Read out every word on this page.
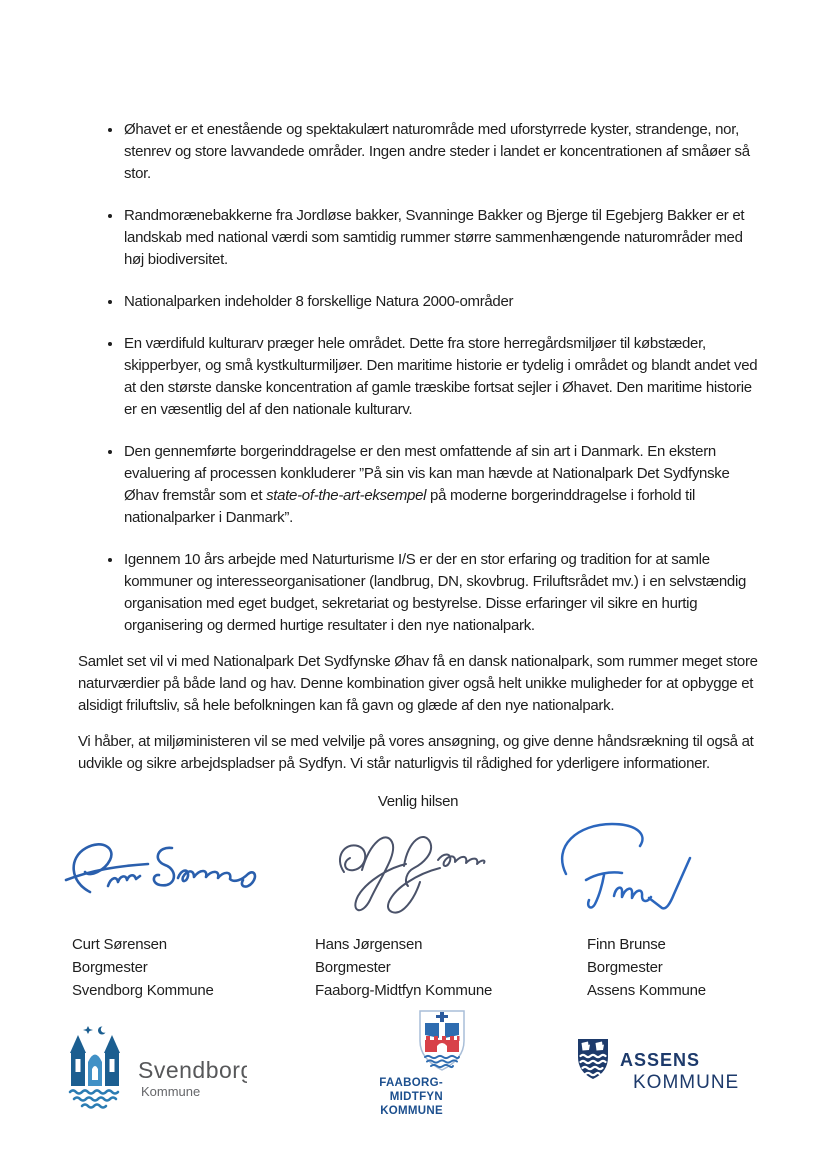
• Øhavet er et enestående og spektakulært naturområde med uforstyrrede kyster, strandenge, nor, stenrev og store lavvandede områder. Ingen andre steder i landet er koncentrationen af småøer så stor.
• Randmorænebakkerne fra Jordløse bakker, Svanninge Bakker og Bjerge til Egebjerg Bakker er et landskab med national værdi som samtidig rummer større sammenhængende naturområder med høj biodiversitet.
• Nationalparken indeholder 8 forskellige Natura 2000-områder
• En værdifuld kulturarv præger hele området. Dette fra store herregårdsmiljøer til købstæder, skipperbyer, og små kystkulturmiljøer. Den maritime historie er tydelig i området og blandt andet ved at den største danske koncentration af gamle træskibe fortsat sejler i Øhavet. Den maritime historie er en væsentlig del af den nationale kulturarv.
• Den gennemførte borgerinddragelse er den mest omfattende af sin art i Danmark. En ekstern evaluering af processen konkluderer ”På sin vis kan man hævde at Nationalpark Det Sydfynske Øhav fremstår som et state-of-the-art-eksempel på moderne borgerinddragelse i forhold til nationalparker i Danmark”.
• Igennem 10 års arbejde med Naturturisme I/S er der en stor erfaring og tradition for at samle kommuner og interesseorganisationer (landbrug, DN, skovbrug. Friluftsrådet mv.) i en selvstændig organisation med eget budget, sekretariat og bestyrelse. Disse erfaringer vil sikre en hurtig organisering og dermed hurtige resultater i den nye nationalpark.

Samlet set vil vi med Nationalpark Det Sydfynske Øhav få en dansk nationalpark, som rummer meget store naturværdier på både land og hav. Denne kombination giver også helt unikke muligheder for at opbygge et alsidigt friluftsliv, så hele befolkningen kan få gavn og glæde af den nye nationalpark.

Vi håber, at miljøministeren vil se med velvilje på vores ansøgning, og give denne håndsrækning til også at udvikle og sikre arbejdspladser på Sydfyn. Vi står naturligvis til rådighed for yderligere informationer.

Venlig hilsen
Curt Sørensen
Borgmester
Svendborg Kommune
Hans Jørgensen
Borgmester
Faaborg-Midtfyn Kommune
Finn Brunse
Borgmester
Assens Kommune
Svendborg
Kommune
FAABORG-MIDTFYN
KOMMUNE
ASSENS
KOMMUNE
